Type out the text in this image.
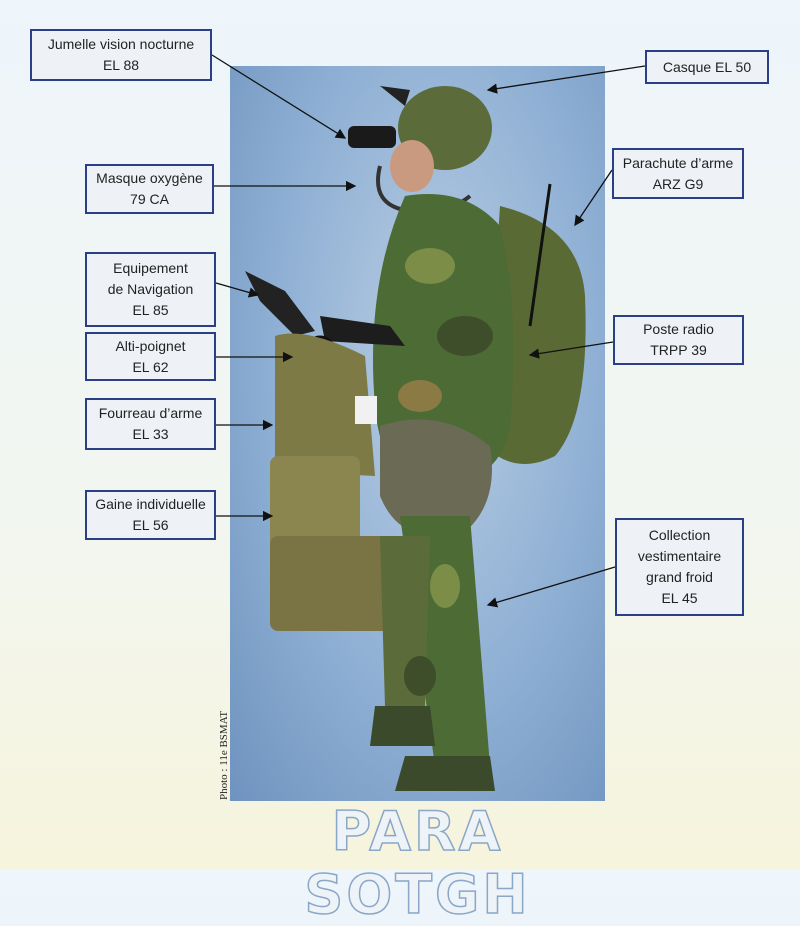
Jumelle vision nocturne
EL 88	Casque EL 50
Masque oxygène
79 CA
Parachute d’arme
ARZ G9
Equipement
de Navigation
EL 85
Alti-poignet
EL 62
Poste radio
TRPP 39
Fourreau d’arme
EL 33
Gaine individuelle
EL 56
Collection
vestimentaire
grand froid
EL 45
Photo : 11e BSMAT
PARA SOTGH
